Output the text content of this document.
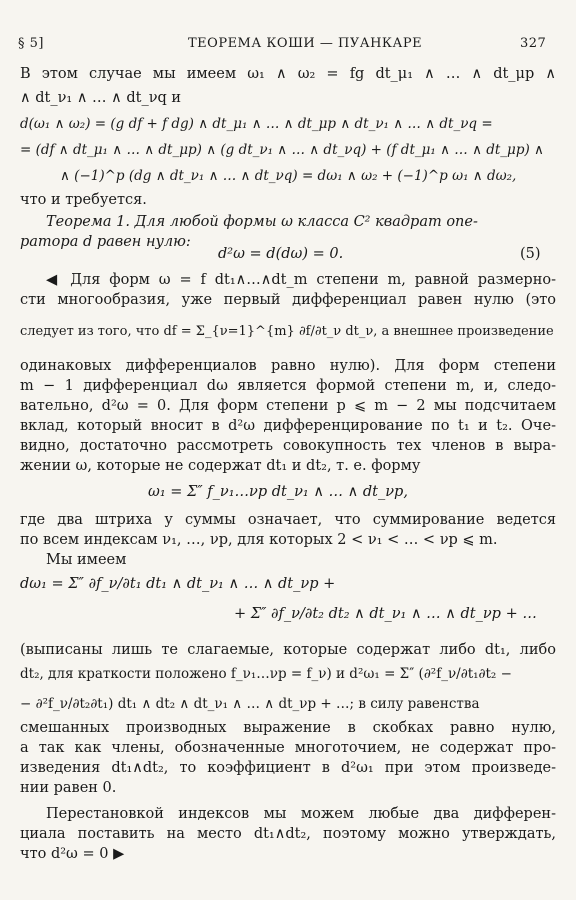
§ 5]	ТЕОРЕМА КОШИ — ПУАНКАРЕ	327
В этом случае мы имеем ω₁ ∧ ω₂ = fg dt_μ₁ ∧ … ∧ dt_μp ∧
∧ dt_ν₁ ∧ … ∧ dt_νq и
d(ω₁ ∧ ω₂) = (g df + f dg) ∧ dt_μ₁ ∧ … ∧ dt_μp ∧ dt_ν₁ ∧ … ∧ dt_νq =
= (df ∧ dt_μ₁ ∧ … ∧ dt_μp) ∧ (g dt_ν₁ ∧ … ∧ dt_νq) + (f dt_μ₁ ∧ … ∧ dt_μp) ∧
∧ (−1)^p (dg ∧ dt_ν₁ ∧ … ∧ dt_νq) = dω₁ ∧ ω₂ + (−1)^p ω₁ ∧ dω₂,
что и требуется.
Теорема 1. Для любой формы ω класса C² квадрат опе-
ратора d равен нулю:
d²ω = d(dω) = 0.	(5)
◀ Для форм ω = f dt₁∧…∧dt_m степени m, равной размерно-
сти многообразия, уже первый дифференциал равен нулю (это
следует из того, что df = Σ_{ν=1}^{m} ∂f/∂t_ν dt_ν, а внешнее произведение
одинаковых дифференциалов равно нулю). Для форм степени
m − 1 дифференциал dω является формой степени m, и, следо-
вательно, d²ω = 0. Для форм степени p ⩽ m − 2 мы подсчитаем
вклад, который вносит в d²ω дифференцирование по t₁ и t₂. Оче-
видно, достаточно рассмотреть совокупность тех членов в выра-
жении ω, которые не содержат dt₁ и dt₂, т. е. форму
ω₁ = Σ″ f_ν₁…νp dt_ν₁ ∧ … ∧ dt_νp,
где два штриха у суммы означает, что суммирование ведется
по всем индексам ν₁, …, νp, для которых 2 < ν₁ < … < νp ⩽ m.
Мы имеем
dω₁ = Σ″ ∂f_ν/∂t₁ dt₁ ∧ dt_ν₁ ∧ … ∧ dt_νp +
+ Σ″ ∂f_ν/∂t₂ dt₂ ∧ dt_ν₁ ∧ … ∧ dt_νp + …
(выписаны лишь те слагаемые, которые содержат либо dt₁, либо
dt₂, для краткости положено f_ν₁…νp = f_ν) и d²ω₁ = Σ″ (∂²f_ν/∂t₁∂t₂ −
− ∂²f_ν/∂t₂∂t₁) dt₁ ∧ dt₂ ∧ dt_ν₁ ∧ … ∧ dt_νp + …; в силу равенства
смешанных производных выражение в скобках равно нулю,
а так как члены, обозначенные многоточием, не содержат про-
изведения dt₁∧dt₂, то коэффициент в d²ω₁ при этом произведе-
нии равен 0.
Перестановкой индексов мы можем любые два дифферен-
циала поставить на место dt₁∧dt₂, поэтому можно утверждать,
что d²ω = 0 ▶
